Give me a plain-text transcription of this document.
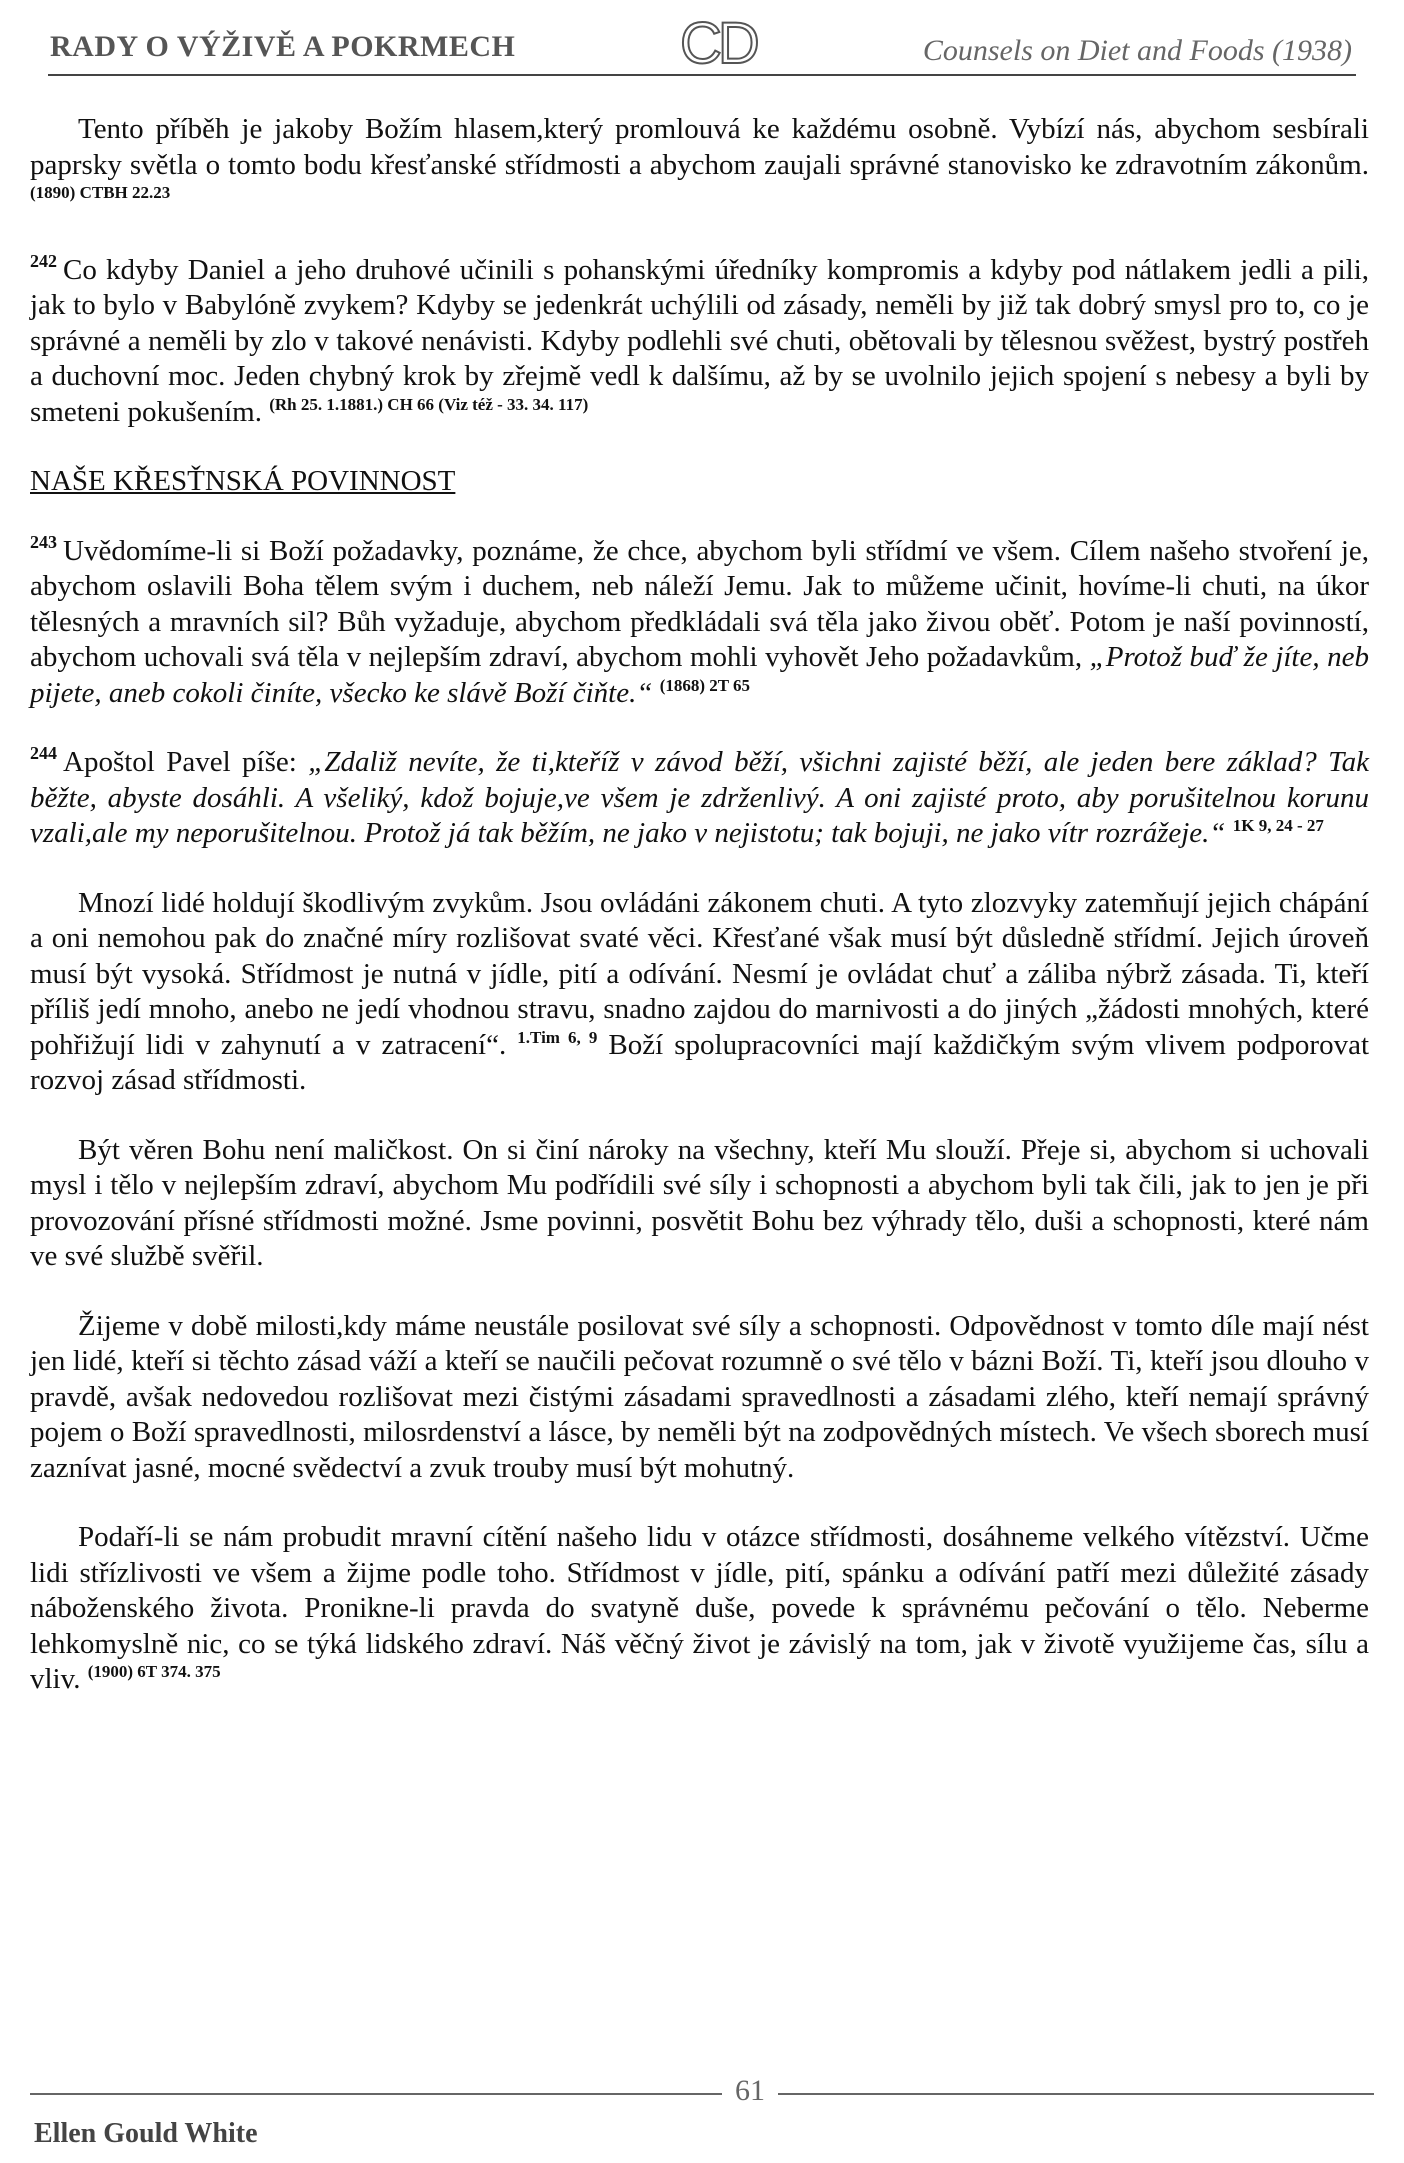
RADY O VÝŽIVĚ A POKRMECH	CD	Counsels on Diet and Foods (1938)

Tento příběh je jakoby Božím hlasem,který promlouvá ke každému osobně. Vybízí nás, abychom sesbírali paprsky světla o tomto bodu křesťanské střídmosti a abychom zaujali správné stanovisko ke zdravotním zákonům. $^{(1890) CTBH 22.23}$

$^{242}$ Co kdyby Daniel a jeho druhové učinili s pohanskými úředníky kompromis a kdyby pod nátlakem jedli a pili, jak to bylo v Babylóně zvykem? Kdyby se jedenkrát uchýlili od zásady, neměli by již tak dobrý smysl pro to, co je správné a neměli by zlo v takové nenávisti. Kdyby podlehli své chuti, obětovali by tělesnou svěžest, bystrý postřeh a duchovní moc. Jeden chybný krok by zřejmě vedl k dalšímu, až by se uvolnilo jejich spojení s nebesy a byli by smeteni pokušením. $^{(Rh 25. 1.1881.) CH 66 (Viz též - 33. 34. 117)}$

NAŠE KŘESŤNSKÁ POVINNOST

$^{243}$ Uvědomíme-li si Boží požadavky, poznáme, že chce, abychom byli střídmí ve všem. Cílem našeho stvoření je, abychom oslavili Boha tělem svým i duchem, neb náleží Jemu. Jak to můžeme učinit, hovíme-li chuti, na úkor tělesných a mravních sil? Bůh vyžaduje, abychom předkládali svá těla jako živou oběť. Potom je naší povinností, abychom uchovali svá těla v nejlepším zdraví, abychom mohli vyhovět Jeho požadavkům, „Protož buď že jíte, neb pijete, aneb cokoli činíte, všecko ke slávě Boží čiňte.“ $^{(1868) 2T 65}$

$^{244}$ Apoštol Pavel píše: „Zdaliž nevíte, že ti,kteříž v závod běží, všichni zajisté běží, ale jeden bere základ? Tak běžte, abyste dosáhli. A všeliký, kdož bojuje,ve všem je zdrženlivý. A oni zajisté proto, aby porušitelnou korunu vzali,ale my neporušitelnou. Protož já tak běžím, ne jako v nejistotu; tak bojuji, ne jako vítr rozrážeje.“ $^{1K 9, 24 - 27}$

Mnozí lidé holdují škodlivým zvykům. Jsou ovládáni zákonem chuti. A tyto zlozvyky zatemňují jejich chápání a oni nemohou pak do značné míry rozlišovat svaté věci. Křesťané však musí být důsledně střídmí. Jejich úroveň musí být vysoká. Střídmost je nutná v jídle, pití a odívání. Nesmí je ovládat chuť a záliba nýbrž zásada. Ti, kteří příliš jedí mnoho, anebo ne jedí vhodnou stravu, snadno zajdou do marnivosti a do jiných „žádosti mnohých, které pohřižují lidi v zahynutí a v zatracení“. $^{1.Tim 6, 9}$ Boží spolupracovníci mají každičkým svým vlivem podporovat rozvoj zásad střídmosti.

Být věren Bohu není maličkost. On si činí nároky na všechny, kteří Mu slouží. Přeje si, abychom si uchovali mysl i tělo v nejlepším zdraví, abychom Mu podřídili své síly i schopnosti a abychom byli tak čili, jak to jen je při provozování přísné střídmosti možné. Jsme povinni, posvětit Bohu bez výhrady tělo, duši a schopnosti, které nám ve své službě svěřil.

Žijeme v době milosti,kdy máme neustále posilovat své síly a schopnosti. Odpovědnost v tomto díle mají nést jen lidé, kteří si těchto zásad váží a kteří se naučili pečovat rozumně o své tělo v bázni Boží. Ti, kteří jsou dlouho v pravdě, avšak nedovedou rozlišovat mezi čistými zásadami spravedlnosti a zásadami zlého, kteří nemají správný pojem o Boží spravedlnosti, milosrdenství a lásce, by neměli být na zodpovědných místech. Ve všech sborech musí zaznívat jasné, mocné svědectví a zvuk trouby musí být mohutný.

Podaří-li se nám probudit mravní cítění našeho lidu v otázce střídmosti, dosáhneme velkého vítězství. Učme lidi střízlivosti ve všem a žijme podle toho. Střídmost v jídle, pití, spánku a odívání patří mezi důležité zásady náboženského života. Pronikne-li pravda do svatyně duše, povede k správnému pečování o tělo. Neberme lehkomyslně nic, co se týká lidského zdraví. Náš věčný život je závislý na tom, jak v životě využijeme čas, sílu a vliv. $^{(1900) 6T 374. 375}$

61
Ellen Gould White
